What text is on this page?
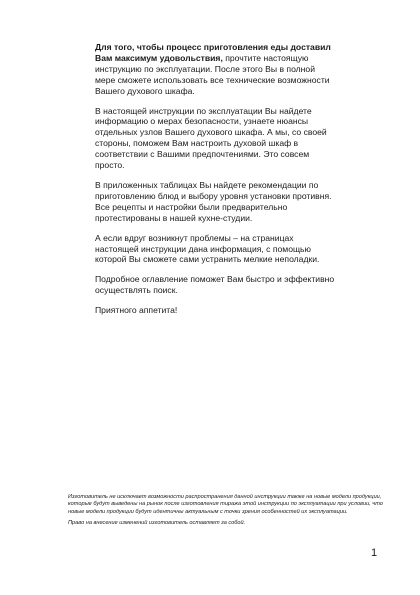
Для того, чтобы процесс приготовления еды доставил Вам максимум удовольствия, прочтите настоящую инструкцию по эксплуатации. После этого Вы в полной мере сможете использовать все технические возможности Вашего духового шкафа.

В настоящей инструкции по эксплуатации Вы найдете информацию о мерах безопасности, узнаете нюансы отдельных узлов Вашего духового шкафа. А мы, со своей стороны, поможем Вам настроить духовой шкаф в соответствии с Вашими предпочтениями. Это совсем просто.

В приложенных таблицах Вы найдете рекомендации по приготовлению блюд и выбору уровня установки противня. Все рецепты и настройки были предварительно протестированы в нашей кухне-студии.

А если вдруг возникнут проблемы – на страницах настоящей инструкции дана информация, с помощью которой Вы сможете сами устранить мелкие неполадки.

Подробное оглавление поможет Вам быстро и эффективно осуществлять поиск.

Приятного аппетита!

Изготовитель не исключает возможности распространения данной инструкции также на новые модели продукции, которые будут выведены на рынок после изготовления тиража этой инструкции по эксплуатации при условии, что новые модели продукции будут идентичны актуальным с точки зрения особенностей их эксплуатации.

Право на внесение изменений изготовитель оставляет за собой.

1
